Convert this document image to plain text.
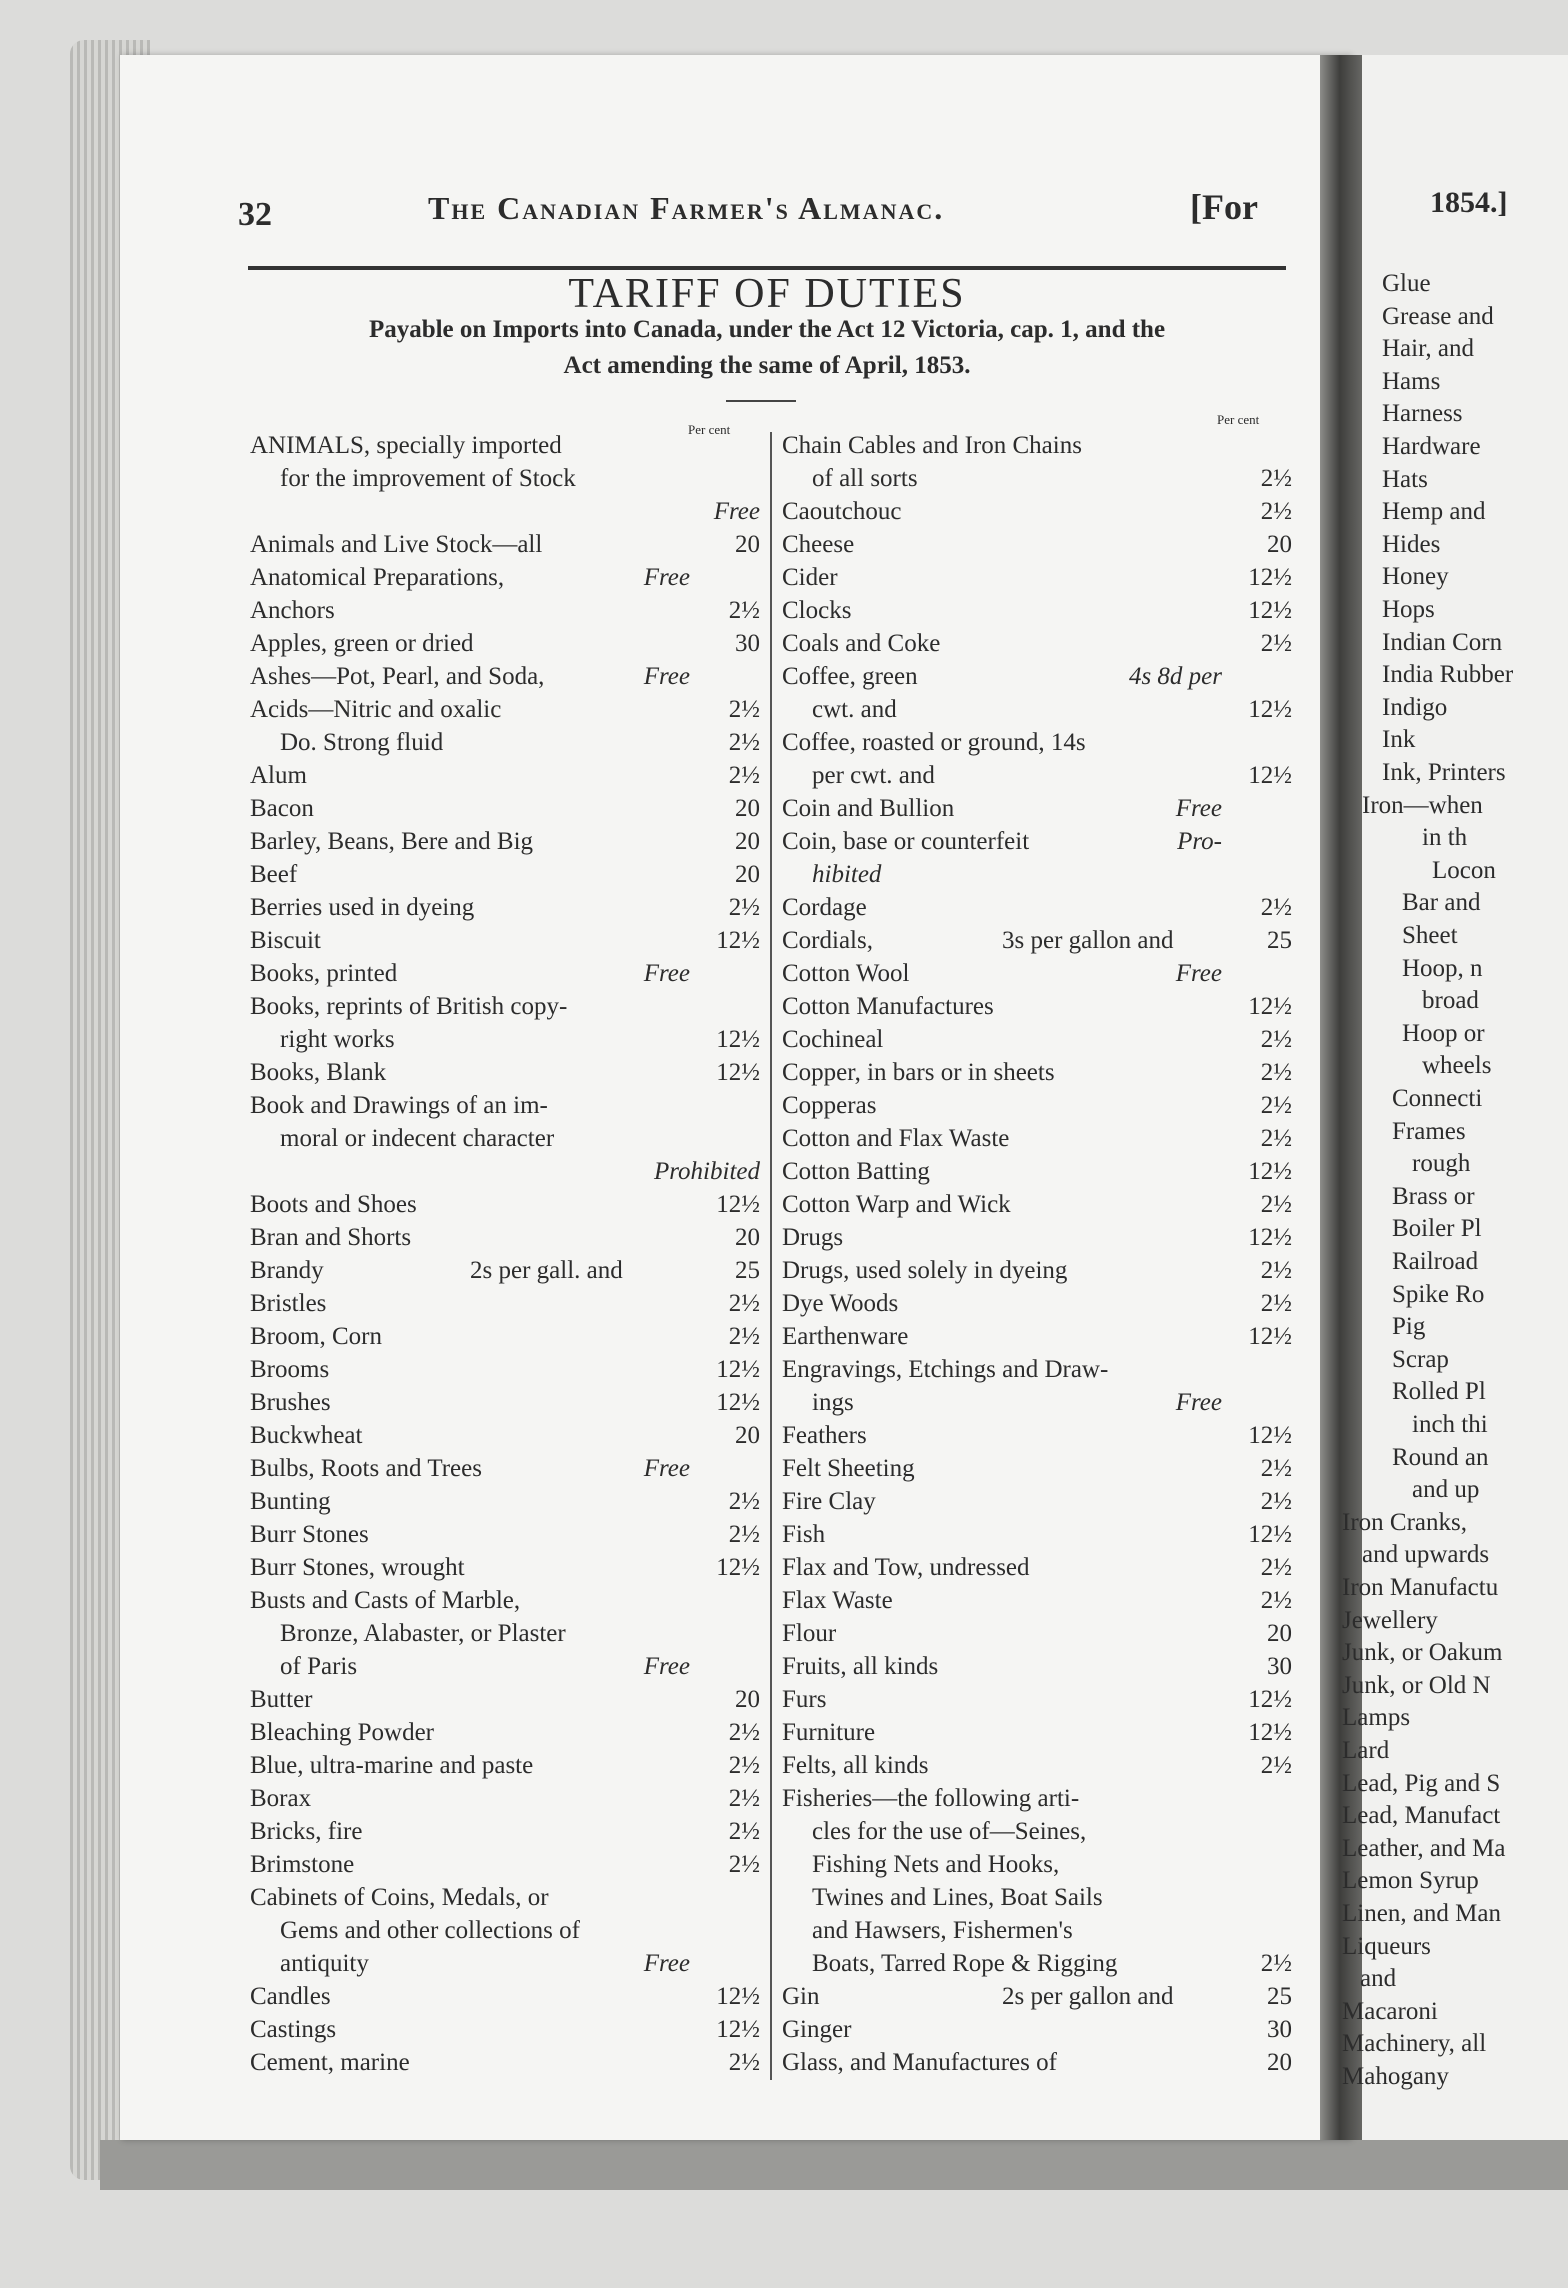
32	The Canadian Farmer's Almanac.	[For
TARIFF OF DUTIES
Payable on Imports into Canada, under the Act 12 Victoria, cap. 1, and the
Act amending the same of April, 1853.
Per cent
Per cent
ANIMALS, specially imported
for the improvement of Stock
Free
Animals and Live Stock—all	20
Anatomical Preparations,	Free
Anchors	2½
Apples, green or dried	30
Ashes—Pot, Pearl, and Soda,	Free
Acids—Nitric and oxalic	2½
Do. Strong fluid	2½
Alum	2½
Bacon	20
Barley, Beans, Bere and Big	20
Beef	20
Berries used in dyeing	2½
Biscuit	12½
Books, printed	Free
Books, reprints of British copy-
right works	12½
Books, Blank	12½
Book and Drawings of an im-
moral or indecent character
Prohibited
Boots and Shoes	12½
Bran and Shorts	20
Brandy	2s per gall. and	25
Bristles	2½
Broom, Corn	2½
Brooms	12½
Brushes	12½
Buckwheat	20
Bulbs, Roots and Trees	Free
Bunting	2½
Burr Stones	2½
Burr Stones, wrought	12½
Busts and Casts of Marble,
Bronze, Alabaster, or Plaster
of Paris	Free
Butter	20
Bleaching Powder	2½
Blue, ultra-marine and paste	2½
Borax	2½
Bricks, fire	2½
Brimstone	2½
Cabinets of Coins, Medals, or
Gems and other collections of
antiquity	Free
Candles	12½
Castings	12½
Cement, marine	2½
Chain Cables and Iron Chains
of all sorts	2½
Caoutchouc	2½
Cheese	20
Cider	12½
Clocks	12½
Coals and Coke	2½
Coffee, green	4s 8d per
cwt. and	12½
Coffee, roasted or ground, 14s
per cwt. and	12½
Coin and Bullion	Free
Coin, base or counterfeit	Pro-
hibited
Cordage	2½
Cordials,	3s per gallon and	25
Cotton Wool	Free
Cotton Manufactures	12½
Cochineal	2½
Copper, in bars or in sheets	2½
Copperas	2½
Cotton and Flax Waste	2½
Cotton Batting	12½
Cotton Warp and Wick	2½
Drugs	12½
Drugs, used solely in dyeing	2½
Dye Woods	2½
Earthenware	12½
Engravings, Etchings and Draw-
ings	Free
Feathers	12½
Felt Sheeting	2½
Fire Clay	2½
Fish	12½
Flax and Tow, undressed	2½
Flax Waste	2½
Flour	20
Fruits, all kinds	30
Furs	12½
Furniture	12½
Felts, all kinds	2½
Fisheries—the following arti-
cles for the use of—Seines,
Fishing Nets and Hooks,
Twines and Lines, Boat Sails
and Hawsers, Fishermen's
Boats, Tarred Rope & Rigging	2½
Gin	2s per gallon and	25
Ginger	30
Glass, and Manufactures of	20
1854.]
Glue
Grease and
Hair, and
Hams
Harness
Hardware
Hats
Hemp and
Hides
Honey
Hops
Indian Corn
India Rubber
Indigo
Ink
Ink, Printers
Iron—when
in th
Locon
Bar and
Sheet
Hoop, n
broad
Hoop or
wheels
Connecti
Frames
rough
Brass or
Boiler Pl
Railroad
Spike Ro
Pig
Scrap
Rolled Pl
inch thi
Round an
and up
Iron Cranks,
and upwards
Iron Manufactu
Jewellery
Junk, or Oakum
Junk, or Old N
Lamps
Lard
Lead, Pig and S
Lead, Manufact
Leather, and Ma
Lemon Syrup
Linen, and Man
Liqueurs
and
Macaroni
Machinery, all
Mahogany
